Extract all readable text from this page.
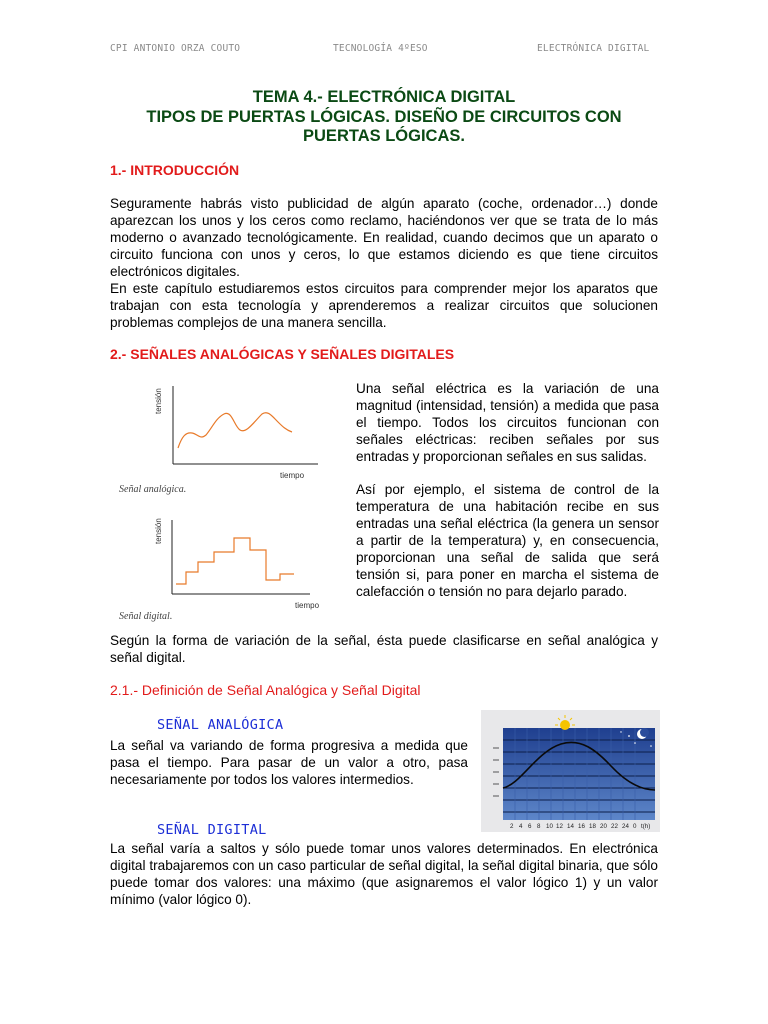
CPI ANTONIO ORZA COUTO	TECNOLOGÍA 4ºESO	ELECTRÓNICA DIGITAL
TEMA 4.- ELECTRÓNICA DIGITAL
TIPOS DE PUERTAS LÓGICAS. DISEÑO DE CIRCUITOS CON
PUERTAS LÓGICAS.
1.- INTRODUCCIÓN

Seguramente habrás visto publicidad de algún aparato (coche, ordenador…) donde aparezcan los unos y los ceros como reclamo, haciéndonos ver que se trata de lo más moderno o avanzado tecnológicamente. En realidad, cuando decimos que un aparato o circuito funciona con unos y ceros, lo que estamos diciendo es que tiene circuitos electrónicos digitales.

En este capítulo estudiaremos estos circuitos para comprender mejor los aparatos que trabajan con esta tecnología y aprenderemos a realizar circuitos que solucionen problemas complejos de una manera sencilla.

2.- SEÑALES ANALÓGICAS Y SEÑALES DIGITALES
tensión
tiempo
Señal analógica.
tensión
tiempo
Señal digital.

Una señal eléctrica es la variación de una magnitud (intensidad, tensión) a medida que pasa el tiempo. Todos los circuitos funcionan con señales eléctricas: reciben señales por sus entradas y proporcionan señales en sus salidas.

Así por ejemplo, el sistema de control de la temperatura de una habitación recibe en sus entradas una señal eléctrica (la genera un sensor a partir de la temperatura) y, en consecuencia, proporcionan una señal de salida que será tensión si, para poner en marcha el sistema de calefacción o tensión no para dejarlo parado.

Según la forma de variación de la señal, ésta puede clasificarse en señal analógica y señal digital.

2.1.- Definición de Señal Analógica y Señal Digital
SEÑAL ANALÓGICA

La señal va variando de forma progresiva a medida que pasa el tiempo. Para pasar de un valor a otro, pasa necesariamente por todos los valores intermedios.

SEÑAL DIGITAL

La señal varía a saltos y sólo puede tomar unos valores determinados. En electrónica digital trabajaremos con un caso particular de señal digital, la señal digital binaria, que sólo puede tomar dos valores: una máximo (que asignaremos el valor lógico 1) y un valor mínimo (valor lógico 0).

2 4 6 8 10 12 14 16 18 20 22 24 0 t(h)
